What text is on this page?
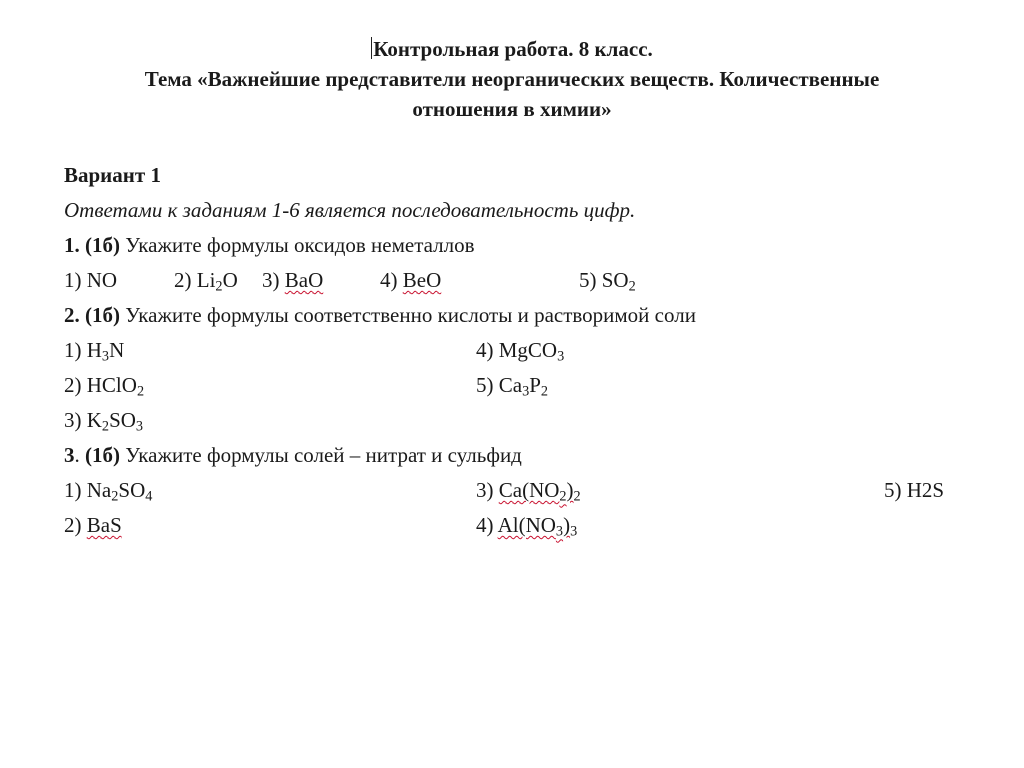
Контрольная работа. 8 класс.
Тема «Важнейшие представители неорганических веществ. Количественные
отношения в химии»
Вариант 1
Ответами к заданиям 1-6 является последовательность цифр.
1. (1б) Укажите формулы оксидов неметаллов
1) NO	2) $Li_2O$ 3) BaO	4) BeO	5) $SO_2$
2. (1б) Укажите формулы соответственно кислоты и растворимой соли
1) $H_3N$	4) MgCO$_3$
2) HClO$_2$	5) $Ca_3P_2$
3) $K_2SO_3$
3. (1б) Укажите формулы солей – нитрат и сульфид
1) $Na_2SO_4$	3) $Ca(NO_2)_2$	5) H2S
2) BaS	4) $Al(NO_3)_3$
